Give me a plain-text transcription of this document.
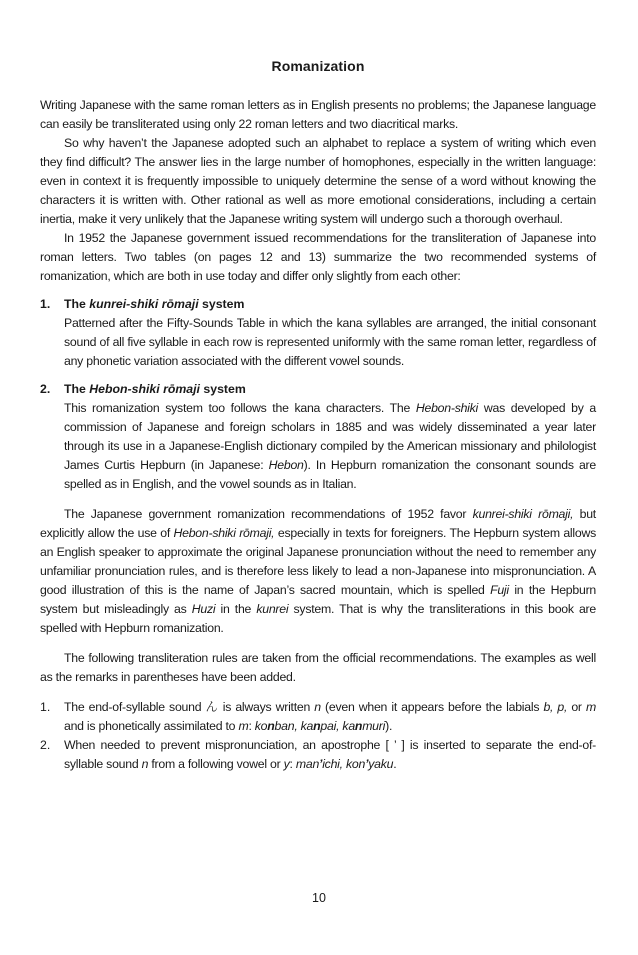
Romanization

Writing Japanese with the same roman letters as in English presents no problems; the Japanese language can easily be transliterated using only 22 roman letters and two diacritical marks.

So why haven’t the Japanese adopted such an alphabet to replace a system of writing which even they find difficult? The answer lies in the large number of homophones, especially in the written language: even in context it is frequently impossible to uniquely determine the sense of a word without knowing the characters it is written with. Other rational as well as more emotional considerations, including a certain inertia, make it very unlikely that the Japanese writing system will undergo such a thorough overhaul.

In 1952 the Japanese government issued recommendations for the transliteration of Japanese into roman letters. Two tables (on pages 12 and 13) summarize the two recommended systems of romanization, which are both in use today and differ only slightly from each other:

1. The kunrei-shiki rōmaji system

Patterned after the Fifty-Sounds Table in which the kana syllables are arranged, the initial consonant sound of all five syllable in each row is represented uniformly with the same roman letter, regardless of any phonetic variation associated with the different vowel sounds.

2. The Hebon-shiki rōmaji system

This romanization system too follows the kana characters. The Hebon-shiki was developed by a commission of Japanese and foreign scholars in 1885 and was widely disseminated a year later through its use in a Japanese-English dictionary compiled by the American missionary and philologist James Curtis Hepburn (in Japanese: Hebon). In Hepburn romanization the consonant sounds are spelled as in English, and the vowel sounds as in Italian.

The Japanese government romanization recommendations of 1952 favor kunrei-shiki rōmaji, but explicitly allow the use of Hebon-shiki rōmaji, especially in texts for foreigners. The Hepburn system allows an English speaker to approximate the original Japanese pronunciation without the need to remember any unfamiliar pronunciation rules, and is therefore less likely to lead a non-Japanese into mispronunciation. A good illustration of this is the name of Japan’s sacred mountain, which is spelled Fuji in the Hepburn system but misleadingly as Huzi in the kunrei system. That is why the transliterations in this book are spelled with Hepburn romanization.

The following transliteration rules are taken from the official recommendations. The examples as well as the remarks in parentheses have been added.

1. The end-of-syllable sound ん is always written n (even when it appears before the labials b, p, or m and is phonetically assimilated to m: konban, kanpai, kanmuri).

2. When needed to prevent mispronunciation, an apostrophe [ ’ ] is inserted to separate the end-of-syllable sound n from a following vowel or y: man’ichi, kon’yaku.

10
